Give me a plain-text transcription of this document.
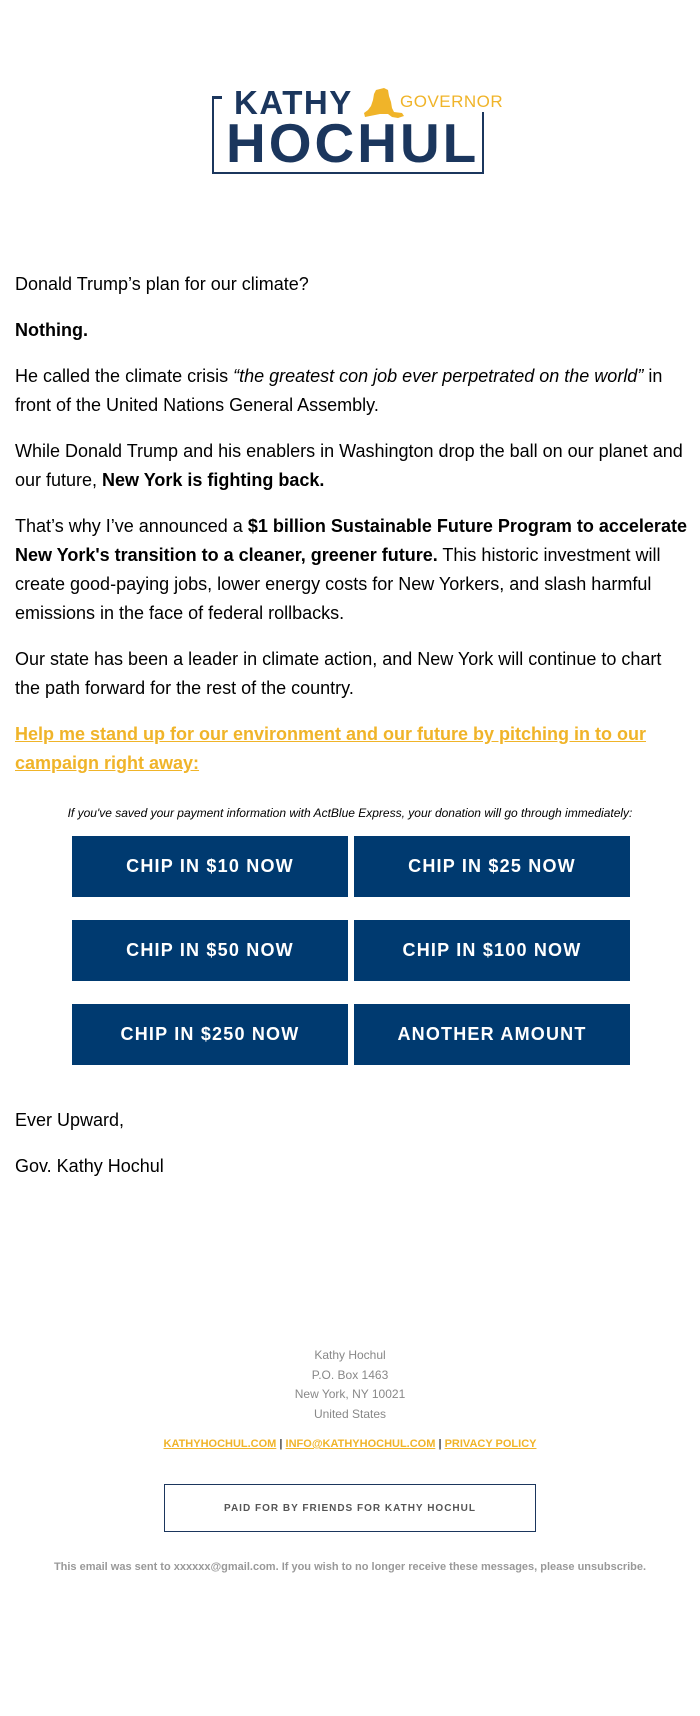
KATHY	GOVERNOR
HOCHUL

Donald Trump’s plan for our climate?

Nothing.

He called the climate crisis “the greatest con job ever perpetrated on the world” in front of the United Nations General Assembly.

While Donald Trump and his enablers in Washington drop the ball on our planet and our future, New York is fighting back.

That’s why I’ve announced a $1 billion Sustainable Future Program to accelerate New York's transition to a cleaner, greener future. This historic investment will create good-paying jobs, lower energy costs for New Yorkers, and slash harmful emissions in the face of federal rollbacks.

Our state has been a leader in climate action, and New York will continue to chart the path forward for the rest of the country.

Help me stand up for our environment and our future by pitching in to our campaign right away:

If you've saved your payment information with ActBlue Express, your donation will go through immediately:
CHIP IN $10 NOW	CHIP IN $25 NOW
CHIP IN $50 NOW	CHIP IN $100 NOW
CHIP IN $250 NOW	ANOTHER AMOUNT
Ever Upward,
Gov. Kathy Hochul
Kathy Hochul
P.O. Box 1463
New York, NY 10021
United States
KATHYHOCHUL.COM | INFO@KATHYHOCHUL.COM | PRIVACY POLICY
PAID FOR BY FRIENDS FOR KATHY HOCHUL
This email was sent to xxxxxx@gmail.com. If you wish to no longer receive these messages, please unsubscribe.
